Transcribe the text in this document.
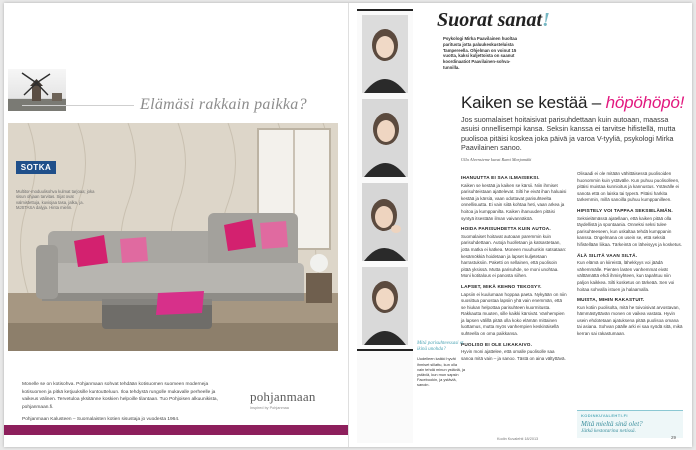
Elämäsi rakkain paikka?
SOTKA
Multitor-moduulisohva kulmat tarjoaa; joka sisun ohjaan tarvitas. Sijat ovat valmistettuja, kuviojaa tasa, jalka, ja. MJSTASA dalyja. Hinta mielin.

Monelle se on kotisohva. Pohjanmaan sohvat tehdään kotisuomen suomeen moderneja kotisuomen ja pitkä ketjuuksille kuntoutteluun. Iloa tehdystä rungolle mukavalle perheelle ja vaikeus välinen. Tervetuloa yksitänne koskien helpoille tilantaan. Tuo Pohjoisen alkuunikista, pohjanmaan.fi.

Pohjanmaan Kalusteen – Suomalaisten kotien sisustaja jo vuodesta 1964.

pohjanmaan
Inspired by Pohjanmaa
Suorat sanat!
Psykologi Mirka Paavilainen huoltaa paritusta jotta paluukeskusteluista Tampereella. Ohjelman on voinut 15 vuotta, kaksi kuljettoista on saanut koordinaatiot Paavilainen-sohva-tunnilla.
Kaiken se kestää – höpöhöpö!
Jos suomalaiset hoitaisivat parisuhdettaan kuin autoaan, maassa asuisi onnellisempi kansa. Seksin kanssa ei tarvitse hifistellä, mutta puolisoa pitäisi koskea joka päivä ja varoa V-tyyliä, psykologi Mirka Paavilainen sanoo.
Ulla Alvensieme kuvat Rami Marjamäki
IHANUUTTA EI SAA ILMAISEKSI.

Kaiken se kestää ja kaiken se kärsii. Niin ihmiset parisuhteistaan ajattelevat. Silti he eivät ihan haluaisi kestää ja kärsiä, vaan odottavat parisuhteelta onnellisuutta. Ei vain siitä kohtaa heti, vaan arkea ja hoitoa ja kumppanilta. Kaiken ihanuuden pitäisi syntyä itsestään ilman vaivannäköä.

HOIDA PARISUHDETTA KUIN AUTOA.

Suomalaiset hoitavat autoaan paremmin kuin parisuhdettaan. Autoja huolletaan ja katsastetaan, jotta matka ei katkea. Moneen muuhunkin satsataan: kesämökkiä hoidetaan ja lapset kuljetetaan harrastuksiin. Paketti on sellainen, että puolisoin pitää yksissä. Mutta parisuhde, se moni unohtaa. Moni kotitalous ei panosta siihen.

LAPSET, MIKÄ KEHNO TEKOSYY.

Lapsiin ei kuulumaan hoppaa paeta. Nykyään on niin suosittua panostaa lapsiin yhä vain enemmän, että se hiukan helpottaa parisuhteen kuormitusta. Rakkautta muuten, sille kaikki kärsivät. Vanhempien ja lapsen välillä pitää olla koko elämän mittainen luottamus, mutta myös vanhempien keskinäisellä suhteella on oma paikkansa.

PUOLISO EI OLE LIKAKAIVO.

Hyvin moni ajattelee, että omalle puolisolle saa sanoa mitä vain – ja sanoo. Tästä on aina vältyttävä.

Olisaadi ei ole mitään vähittäisessä puolisoiden huonommin kuin ystävälle. Kun puhuu puolisolleen, pitäisi muistaa kunnioitus ja kannustus. Ystävälle ei sanota että on laiska tai typerä. Pitäisi harkita tarkemmin, millä sanoilla puhuu kumppanilleen.

HIFISTELY VOI TAPPAA SEKSIELÄMÄN.

Seksielämässä ajatellaan, että kaiken pitää olla täydellistä ja spontaania. Onneksi seksi tulee parisuhteeseen, kun uskaltaa tehdä kumppanin kanssa. Ongelmana on usein se, että seksiä hifistellään liikaa. Tärkeintä on läheisyys ja kosketus.

ÄLÄ SILITÄ VAAN SILTÄ.

Kun elämä on kiireistä, lähekkyys voi jäädä vähemmälle. Pienten lasten vanhemmat eivät välttämättä ehdi ihmisyhteen, kun tapahtuu niin paljon kaikkea. Silti kosketus on tärkeää. Sen voi hoitaa sohvalla istuen ja halaamalla.

MUISTA, MIHIN RAKASTUIT.

Kun kotiin puolisolta, mitä he toivoisivat arvostavan, hämmästyttävän monen on vaikea vastata. Hyvin usein ehdotetaan ajatuksena pitää puolisoa omana tai asiana. Sohvan päälle arki ei saa syödä sitä, mikä kerran sai rakastumaan.

Mitä parisuhteessasi et ikinä unohda?
Uudelleen kaikki hyvät ihmiset sillattu, kun olla vain tehdä minun ystäviä, ja ystäviä, kun mun sapsin Facebookin, ja ystäviä, sanoin.
KODINKUVALEHTI.FI
Mitä mieltä sinä olet?
Jätkä kestotarina netissä.
Kodin Kuvalehti 18/2013	29
